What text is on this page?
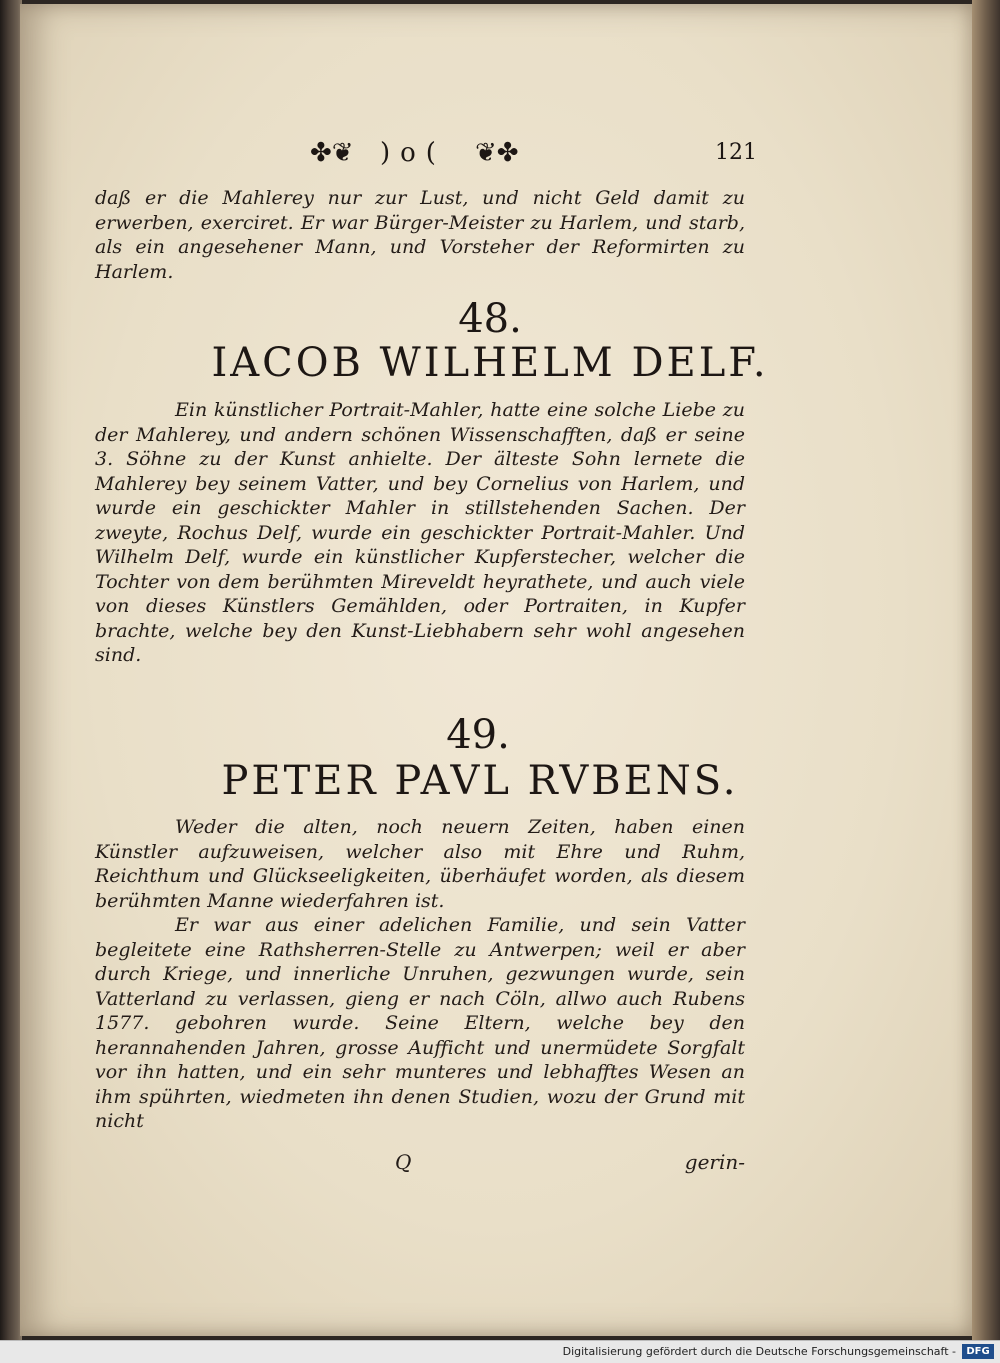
✤❦ )o( ❦✤	121

daß er die Mahlerey nur zur Lust, und nicht Geld damit zu erwerben, exerciret. Er war Bürger-Meister zu Harlem, und starb, als ein angesehener Mann, und Vorsteher der Reformirten zu Harlem.

48.
IACOB WILHELM DELF.

Ein künstlicher Portrait-Mahler, hatte eine solche Liebe zu der Mahlerey, und andern schönen Wissenschafften, daß er seine 3. Söhne zu der Kunst anhielte. Der älteste Sohn lernete die Mahlerey bey seinem Vatter, und bey Cornelius von Harlem, und wurde ein geschickter Mahler in stillstehenden Sachen. Der zweyte, Rochus Delf, wurde ein geschickter Portrait-Mahler. Und Wilhelm Delf, wurde ein künstlicher Kupferstecher, welcher die Tochter von dem berühmten Mireveldt heyrathete, und auch viele von dieses Künstlers Gemählden, oder Portraiten, in Kupfer brachte, welche bey den Kunst-Liebhabern sehr wohl angesehen sind.

49.
PETER PAVL RVBENS.

Weder die alten, noch neuern Zeiten, haben einen Künstler aufzuweisen, welcher also mit Ehre und Ruhm, Reichthum und Glückseeligkeiten, überhäufet worden, als diesem berühmten Manne wiederfahren ist.

Er war aus einer adelichen Familie, und sein Vatter begleitete eine Rathsherren-Stelle zu Antwerpen; weil er aber durch Kriege, und innerliche Unruhen, gezwungen wurde, sein Vatterland zu verlassen, gieng er nach Cöln, allwo auch Rubens 1577. gebohren wurde. Seine Eltern, welche bey den herannahenden Jahren, grosse Aufficht und unermüdete Sorgfalt vor ihn hatten, und ein sehr munteres und lebhafftes Wesen an ihm spührten, wiedmeten ihn denen Studien, wozu der Grund mit nicht

Q	gerin-
Digitalisierung gefördert durch die Deutsche Forschungsgemeinschaft -	DFG
